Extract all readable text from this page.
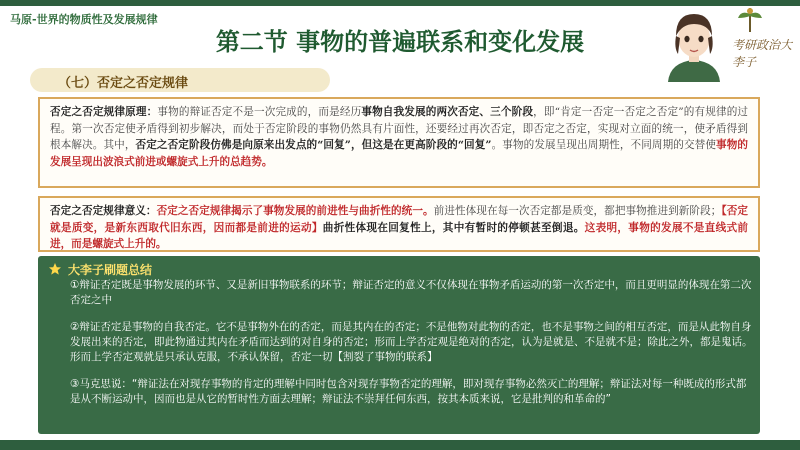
马原-世界的物质性及发展规律
第二节 事物的普遍联系和变化发展	考研政治大李子
（七）否定之否定规律
否定之否定规律原理：事物的辩证否定不是一次完成的，而是经历事物自我发展的两次否定、三个阶段，即“肯定一否定一否定之否定”的有规律的过程。第一次否定使矛盾得到初步解决，而处于否定阶段的事物仍然具有片面性，还要经过再次否定，即否定之否定，实现对立面的统一，使矛盾得到根本解决。其中，否定之否定阶段仿佛是向原来出发点的“回复”，但这是在更高阶段的“回复”。事物的发展呈现出周期性，不同周期的交替使事物的发展呈现出波浪式前进或螺旋式上升的总趋势。
否定之否定规律意义：否定之否定规律揭示了事物发展的前进性与曲折性的统一。前进性体现在每一次否定都是质变，都把事物推进到新阶段；【否定就是质变，是新东西取代旧东西，因而都是前进的运动】曲折性体现在回复性上，其中有暂时的停顿甚至倒退。这表明，事物的发展不是直线式前进，而是螺旋式上升的。
大李子刷题总结
①辩证否定既是事物发展的环节、又是新旧事物联系的环节；辩证否定的意义不仅体现在事物矛盾运动的第一次否定中，而且更明显的体现在第二次否定之中
②辩证否定是事物的自我否定。它不是事物外在的否定，而是其内在的否定；不是他物对此物的否定，也不是事物之间的相互否定，而是从此物自身发展出来的否定，即此物通过其内在矛盾而达到的对自身的否定；形而上学否定观是绝对的否定，认为是就是、不是就不是；除此之外，都是鬼话。形而上学否定观就是只承认克服，不承认保留，否定一切【割裂了事物的联系】
③马克思说：“辩证法在对现存事物的肯定的理解中同时包含对现存事物否定的理解，即对现存事物必然灭亡的理解；辩证法对每一种既成的形式都是从不断运动中，因而也是从它的暂时性方面去理解；辩证法不崇拜任何东西，按其本质来说，它是批判的和革命的”
